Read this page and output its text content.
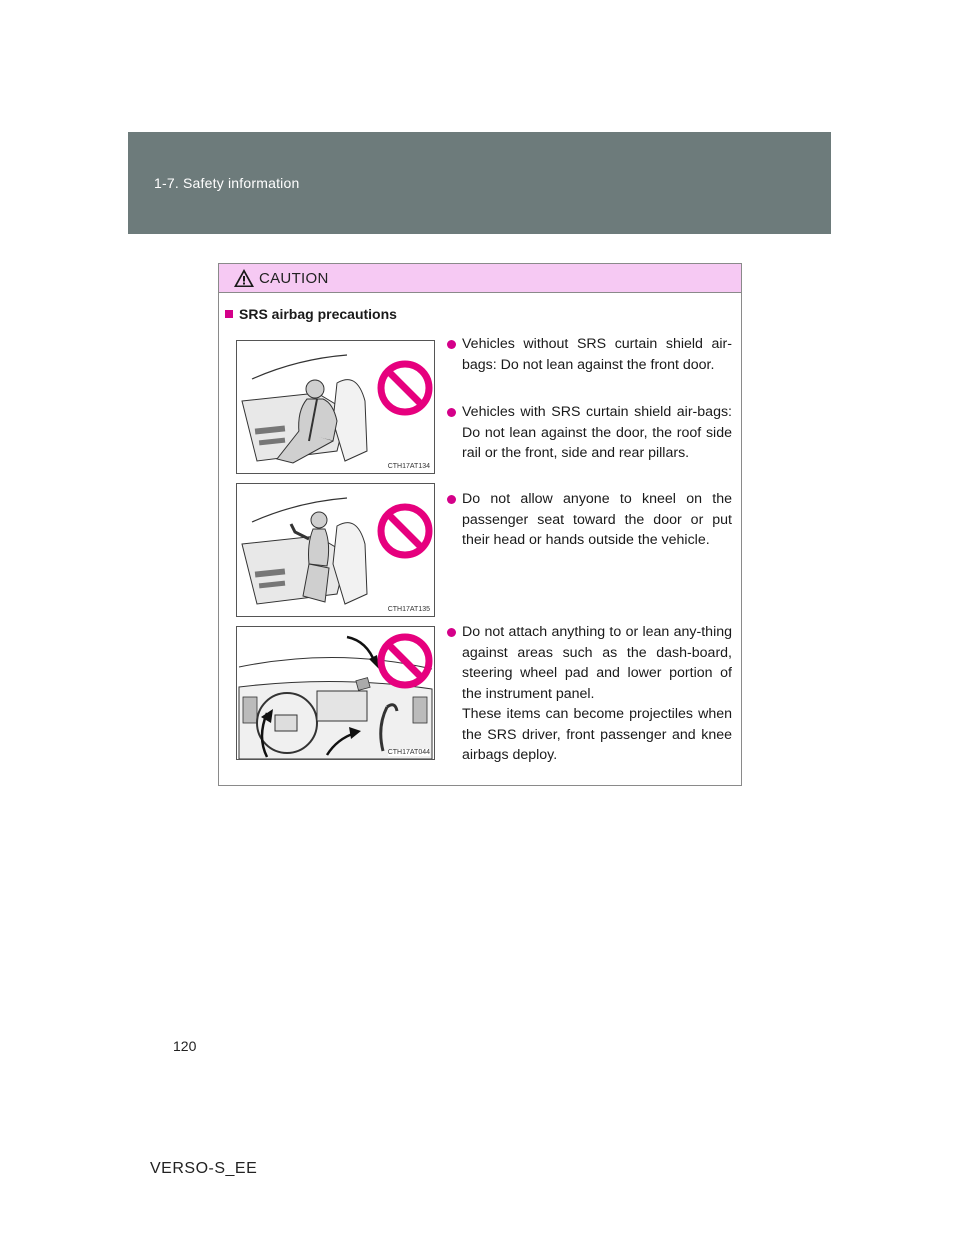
1-7. Safety information
CAUTION
SRS airbag precautions
CTH17AT134
CTH17AT135
CTH17AT044
Vehicles without SRS curtain shield air-bags: Do not lean against the front door.
Vehicles with SRS curtain shield air-bags: Do not lean against the door, the roof side rail or the front, side and rear pillars.
Do not allow anyone to kneel on the passenger seat toward the door or put their head or hands outside the vehicle.
Do not attach anything to or lean any-thing against areas such as the dash-board, steering wheel pad and lower portion of the instrument panel.
These items can become projectiles when the SRS driver, front passenger and knee airbags deploy.
120
VERSO-S_EE
